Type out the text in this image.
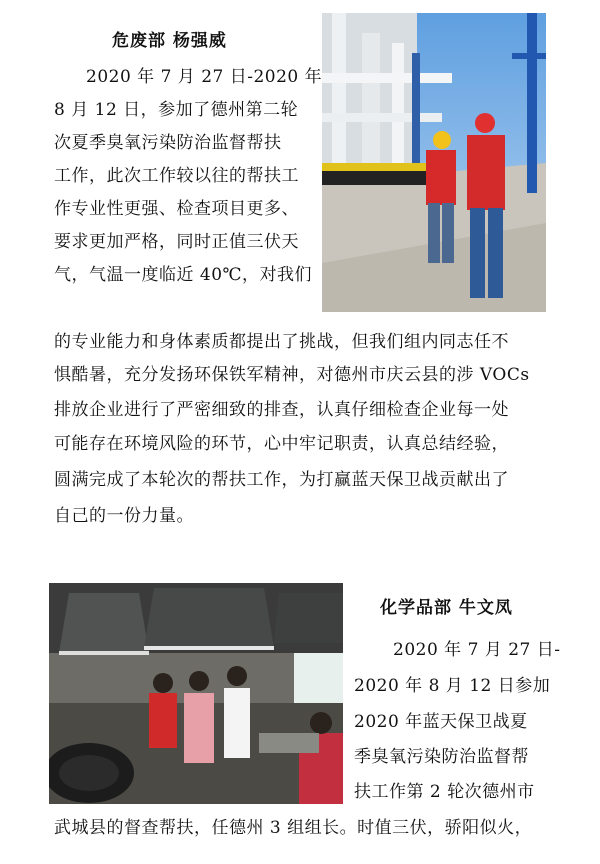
危废部 杨强威
2020 年 7 月 27 日-2020 年
8 月 12 日，参加了德州第二轮
次夏季臭氧污染防治监督帮扶
工作，此次工作较以往的帮扶工
作专业性更强、检查项目更多、
要求更加严格，同时正值三伏天
气，气温一度临近 40℃，对我们
的专业能力和身体素质都提出了挑战，但我们组内同志任不
惧酷暑，充分发扬环保铁军精神，对德州市庆云县的涉 VOCs
排放企业进行了严密细致的排查，认真仔细检查企业每一处
可能存在环境风险的环节，心中牢记职责，认真总结经验，
圆满完成了本轮次的帮扶工作，为打赢蓝天保卫战贡献出了
自己的一份力量。
化学品部 牛文凤
2020 年 7 月 27 日-
2020 年 8 月 12 日参加
2020 年蓝天保卫战夏
季臭氧污染防治监督帮
扶工作第 2 轮次德州市
武城县的督查帮扶，任德州 3 组组长。时值三伏，骄阳似火，
